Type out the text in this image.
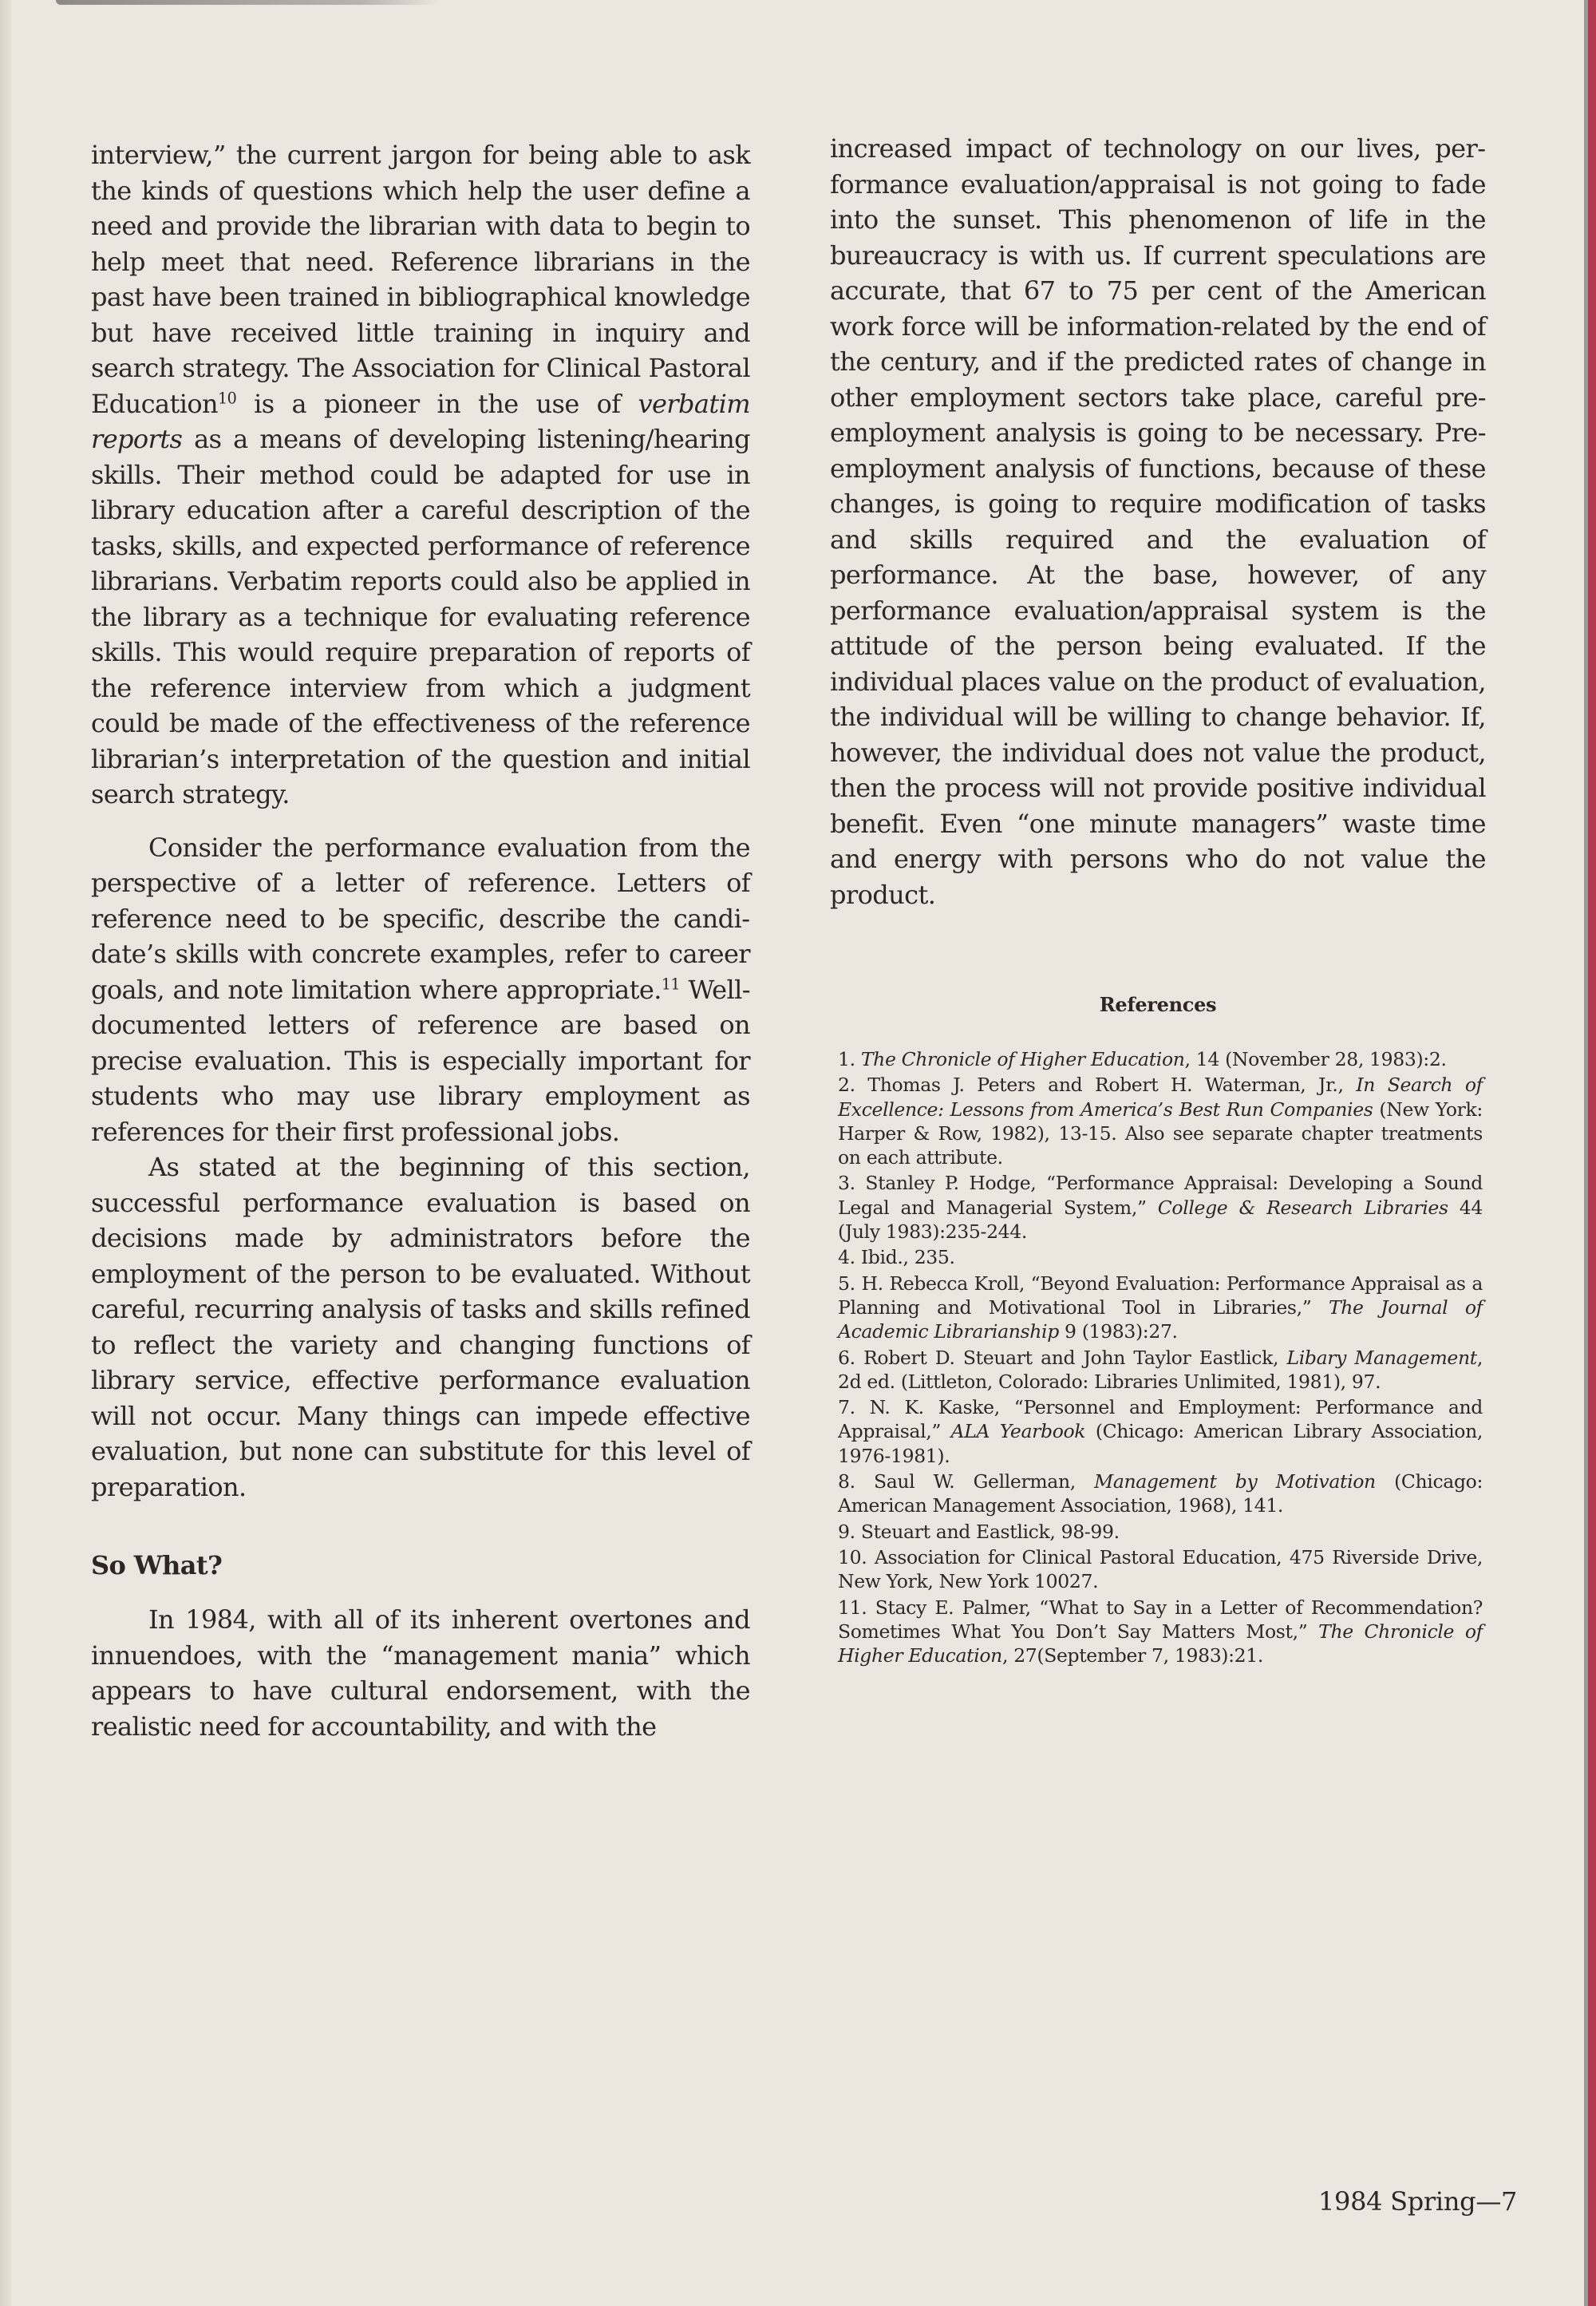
interview,” the current jargon for being able to ask the kinds of questions which help the user define a need and provide the librarian with data to begin to help meet that need. Reference librarians in the past have been trained in bibliographical knowledge but have received little training in inquiry and search strategy. The Association for Clinical Pastoral Education$^{10}$ is a pioneer in the use of verbatim reports as a means of developing listening/hearing skills. Their method could be adapted for use in library education after a careful description of the tasks, skills, and expected performance of reference librarians. Verbatim reports could also be applied in the library as a technique for evaluating reference skills. This would require preparation of reports of the reference interview from which a judgment could be made of the effectiveness of the reference librarian’s interpretation of the question and initial search strategy.

Consider the performance evaluation from the perspective of a letter of reference. Letters of reference need to be specific, describe the candidate’s skills with concrete examples, refer to career goals, and note limitation where appropriate.$^{11}$ Well-documented letters of reference are based on precise evaluation. This is especially important for students who may use library employment as references for their first professional jobs.

As stated at the beginning of this section, successful performance evaluation is based on decisions made by administrators before the employment of the person to be evaluated. Without careful, recurring analysis of tasks and skills refined to reflect the variety and changing functions of library service, effective performance evaluation will not occur. Many things can impede effective evaluation, but none can substitute for this level of preparation.

So What?

In 1984, with all of its inherent overtones and innuendoes, with the “management mania” which appears to have cultural endorsement, with the realistic need for accountability, and with the

increased impact of technology on our lives, performance evaluation/appraisal is not going to fade into the sunset. This phenomenon of life in the bureaucracy is with us. If current speculations are accurate, that 67 to 75 per cent of the American work force will be information-related by the end of the century, and if the predicted rates of change in other employment sectors take place, careful pre-employment analysis is going to be necessary. Pre-employment analysis of functions, because of these changes, is going to require modification of tasks and skills required and the evaluation of performance. At the base, however, of any performance evaluation/appraisal system is the attitude of the person being evaluated. If the individual places value on the product of evaluation, the individual will be willing to change behavior. If, however, the individual does not value the product, then the process will not provide positive individual benefit. Even “one minute managers” waste time and energy with persons who do not value the product.

References
1. The Chronicle of Higher Education, 14 (November 28, 1983):2.
2. Thomas J. Peters and Robert H. Waterman, Jr., In Search of Excellence: Lessons from America’s Best Run Companies (New York: Harper & Row, 1982), 13-15. Also see separate chapter treatments on each attribute.
3. Stanley P. Hodge, “Performance Appraisal: Developing a Sound Legal and Managerial System,” College & Research Libraries 44 (July 1983):235-244.
4. Ibid., 235.
5. H. Rebecca Kroll, “Beyond Evaluation: Performance Appraisal as a Planning and Motivational Tool in Libraries,” The Journal of Academic Librarianship 9 (1983):27.
6. Robert D. Steuart and John Taylor Eastlick, Libary Management, 2d ed. (Littleton, Colorado: Libraries Unlimited, 1981), 97.
7. N. K. Kaske, “Personnel and Employment: Performance and Appraisal,” ALA Yearbook (Chicago: American Library Association, 1976-1981).
8. Saul W. Gellerman, Management by Motivation (Chicago: American Management Association, 1968), 141.
9. Steuart and Eastlick, 98-99.
10. Association for Clinical Pastoral Education, 475 Riverside Drive, New York, New York 10027.
11. Stacy E. Palmer, “What to Say in a Letter of Recommendation? Sometimes What You Don’t Say Matters Most,” The Chronicle of Higher Education, 27(September 7, 1983):21.
1984 Spring—7
